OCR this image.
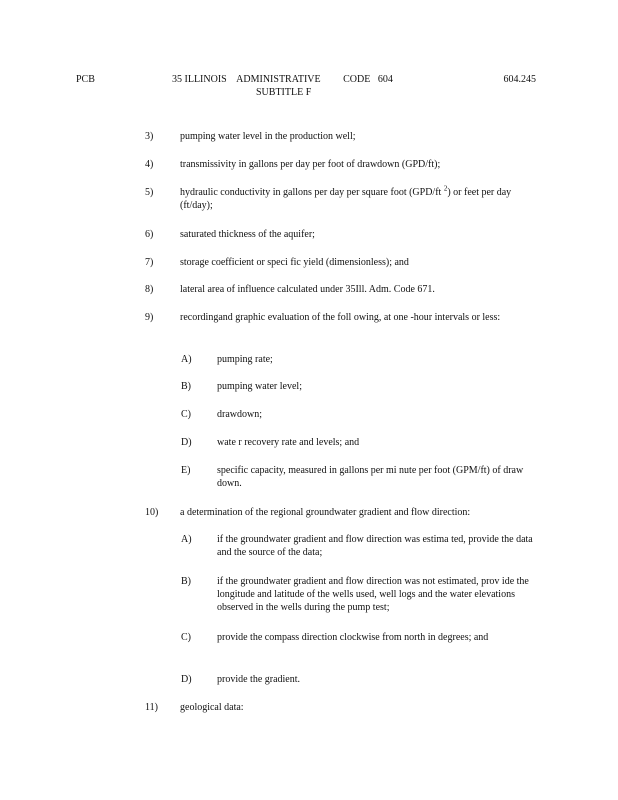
PCB	35 ILLINOIS    ADMINISTRATIVE         CODE   604
SUBTITLE F
604.245
3)	pumping water level in the production well;
4)	transmissivity in gallons per day per foot of drawdown (GPD/ft);
5)	hydraulic conductivity in gallons per day per square foot (GPD/ft $^2$) or feet per day (ft/day);
6)	saturated thickness of the aquifer;
7)	storage coefficient or speci fic yield (dimensionless); and
8)	lateral area of influence calculated under 35Ill. Adm. Code 671.
9)	recordingand graphic evaluation of the foll owing, at one -hour intervals or less:
A)	pumping rate;
B)	pumping water level;
C)	drawdown;
D)	wate r recovery rate and levels; and
E)	specific capacity, measured in gallons per mi nute per foot (GPM/ft) of draw down.
10) a determination of the regional groundwater gradient and flow direction:
A)	if the groundwater gradient and flow direction was estima ted, provide the data and the source of the data;
B)	if the groundwater gradient and flow direction was not estimated, prov ide the longitude and latitude of the wells used, well logs and the water elevations observed in the wells during the pump test;
C)	provide the compass direction clockwise from north in degrees; and
D)	provide the gradient.
11) geological data:
